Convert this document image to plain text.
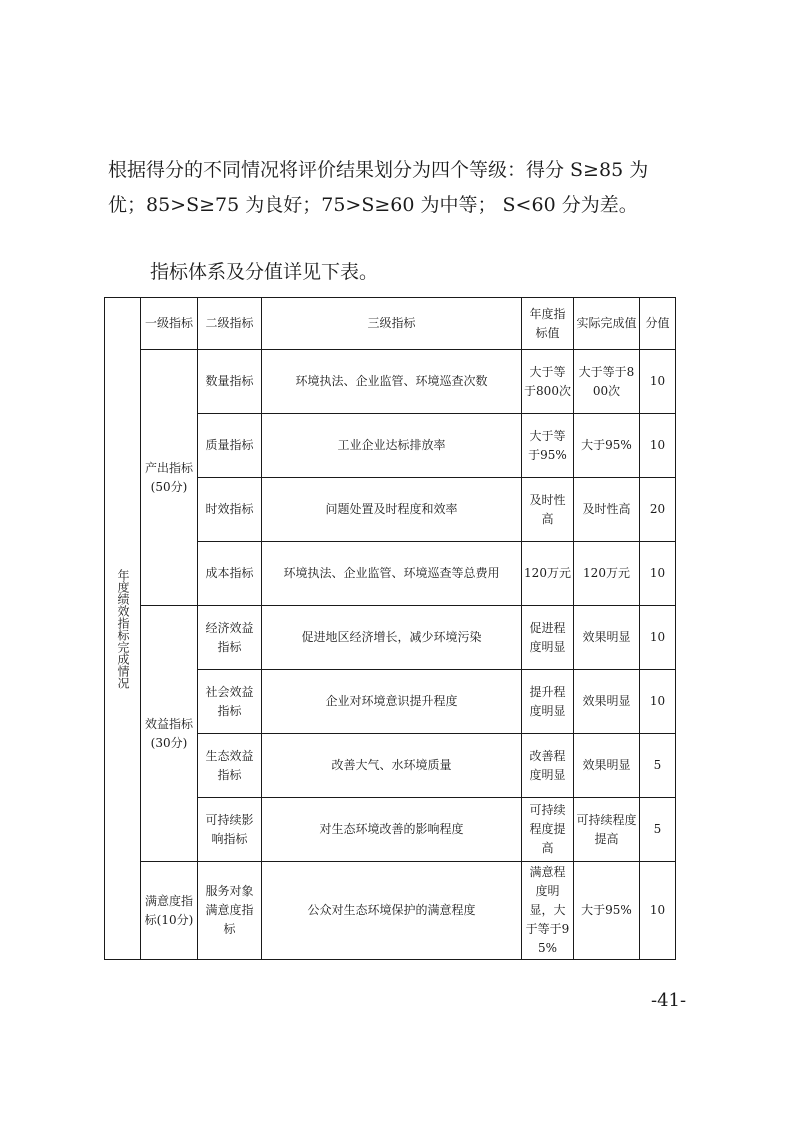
根据得分的不同情况将评价结果划分为四个等级：得分 S≥85 为
优；85>S≥75 为良好；75>S≥60 为中等； S<60 分为差。
指标体系及分值详见下表。
年度绩效指标完成情况	一级指标	二级指标	三级指标	年度指标值	实际完成值	分值
	产出指标(50分)	数量指标	环境执法、企业监管、环境巡查次数	大于等于800次	大于等于800次	10
		质量指标	工业企业达标排放率	大于等于95%	大于95%	10
		时效指标	问题处置及时程度和效率	及时性高	及时性高	20
		成本指标	环境执法、企业监管、环境巡查等总费用	120万元	120万元	10
	效益指标(30分)	经济效益指标	促进地区经济增长，减少环境污染	促进程度明显	效果明显	10
		社会效益指标	企业对环境意识提升程度	提升程度明显	效果明显	10
		生态效益指标	改善大气、水环境质量	改善程度明显	效果明显	5
		可持续影响指标	对生态环境改善的影响程度	可持续程度提高	可持续程度提高	5
	满意度指标(10分)	服务对象满意度指标	公众对生态环境保护的满意程度	满意程度明显，大于等于95%	大于95%	10
-41-
